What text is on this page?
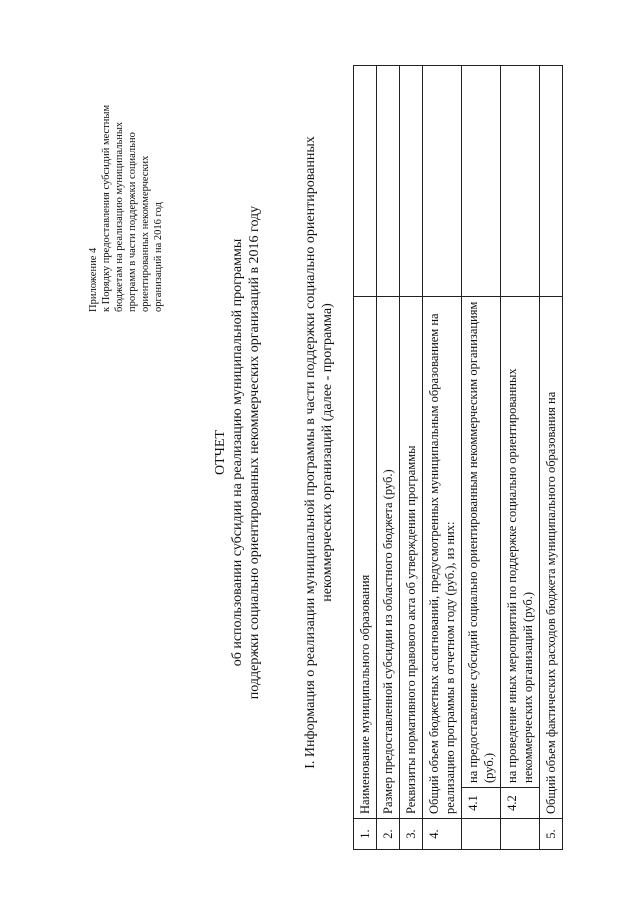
Приложение 4 к Порядку предоставления субсидий местным бюджетам на реализацию муниципальных программ в части поддержки социально ориентированных некоммерческих организаций на 2016 год
ОТЧЕТ об использовании субсидии на реализацию муниципальной программы поддержки социально ориентированных некоммерческих организаций в 2016 году	I. Информация о реализации муниципальной программы в части поддержки социально ориентированных некоммерческих организаций (далее - программа)
1.	Наименование муниципального образования		
2.	Размер предоставленной субсидии из областного бюджета (руб.)		
3.	Реквизиты нормативного правового акта об утверждении программы		
4.	Общий объем бюджетных ассигнований, предусмотренных муниципальным образованием на реализацию программы в отчетном году (руб.), из них:		
	4.1	на предоставление субсидий социально ориентированным некоммерческим организациям (руб.)	
	4.2	на проведение иных мероприятий по поддержке социально ориентированных некоммерческих организаций (руб.)	
5.	Общий объем фактических расходов бюджета муниципального образования на		
